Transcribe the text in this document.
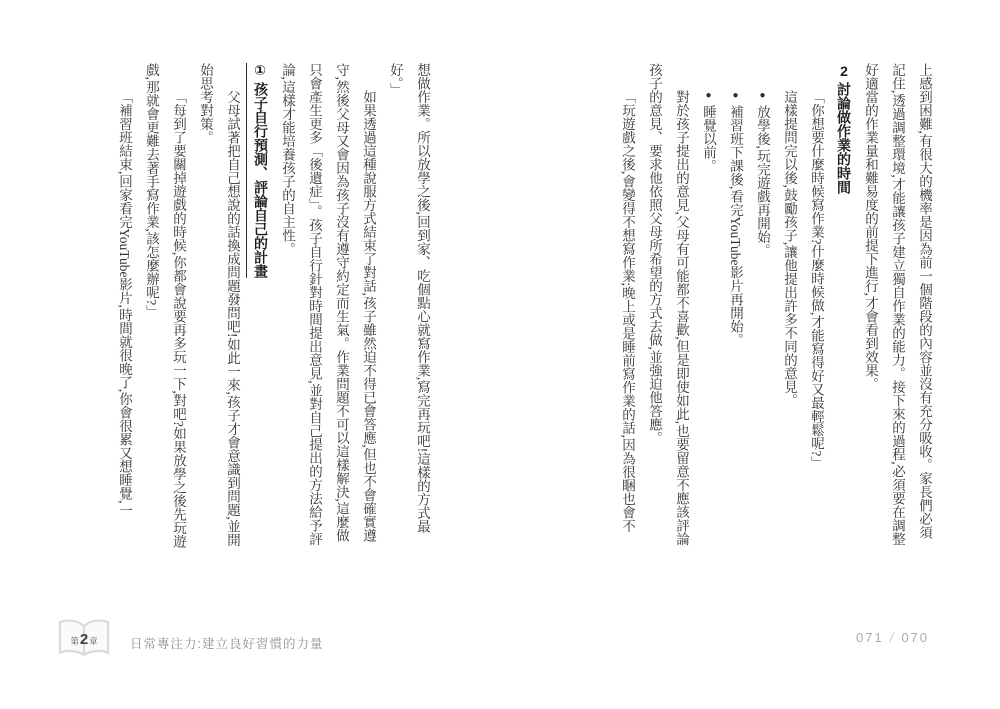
上感到困難,有很大的機率是因為前一個階段的內容並沒有充分吸收。家長們必須記住,透過調整環境,才能讓孩子建立獨自作業的能力。接下來的過程,必須要在調整好適當的作業量和難易度的前提下進行,才會看到效果。

2討論做作業的時間

「你想要什麼時候寫作業?什麼時候做,才能寫得好又最輕鬆呢?」

這樣提問完以後,鼓勵孩子,讓他提出許多不同的意見。

●放學後,玩完遊戲再開始。

●補習班下課後,看完YouTube影片再開始。

●睡覺以前。

對於孩子提出的意見,父母有可能都不喜歡,但是即使如此,也要留意不應該評論孩子的意見、要求他依照父母所希望的方式去做,並強迫他答應。

「玩遊戲之後,會變得不想寫作業;晚上或是睡前寫作業的話,因為很睏也會不

想做作業。所以放學之後,回到家、吃個點心就寫作業,寫完再玩吧!這樣的方式最好。」

如果透過這種說服方式結束了對話,孩子雖然迫不得已會答應,但也不會確實遵守,然後父母又會因為孩子沒有遵守約定而生氣。作業問題不可以這樣解決,這麼做只會產生更多「後遺症」。孩子自行針對時間提出意見,並對自己提出的方法給予評論,這樣才能培養孩子的自主性。

①孩子自行預測、評論自己的計畫

父母試著把自己想說的話換成問題發問吧!如此一來,孩子才會意識到問題,並開始思考對策。

「每到了要關掉遊戲的時候,你都會說要再多玩一下,對吧?如果放學之後先玩遊戲,那就會更難去著手寫作業,該怎麼辦呢?」

「補習班結束,回家看完YouTube影片,時間就很晚了,你會很累又想睡覺,一

第2章	日常專注力:建立良好習慣的力量	071 / 070
